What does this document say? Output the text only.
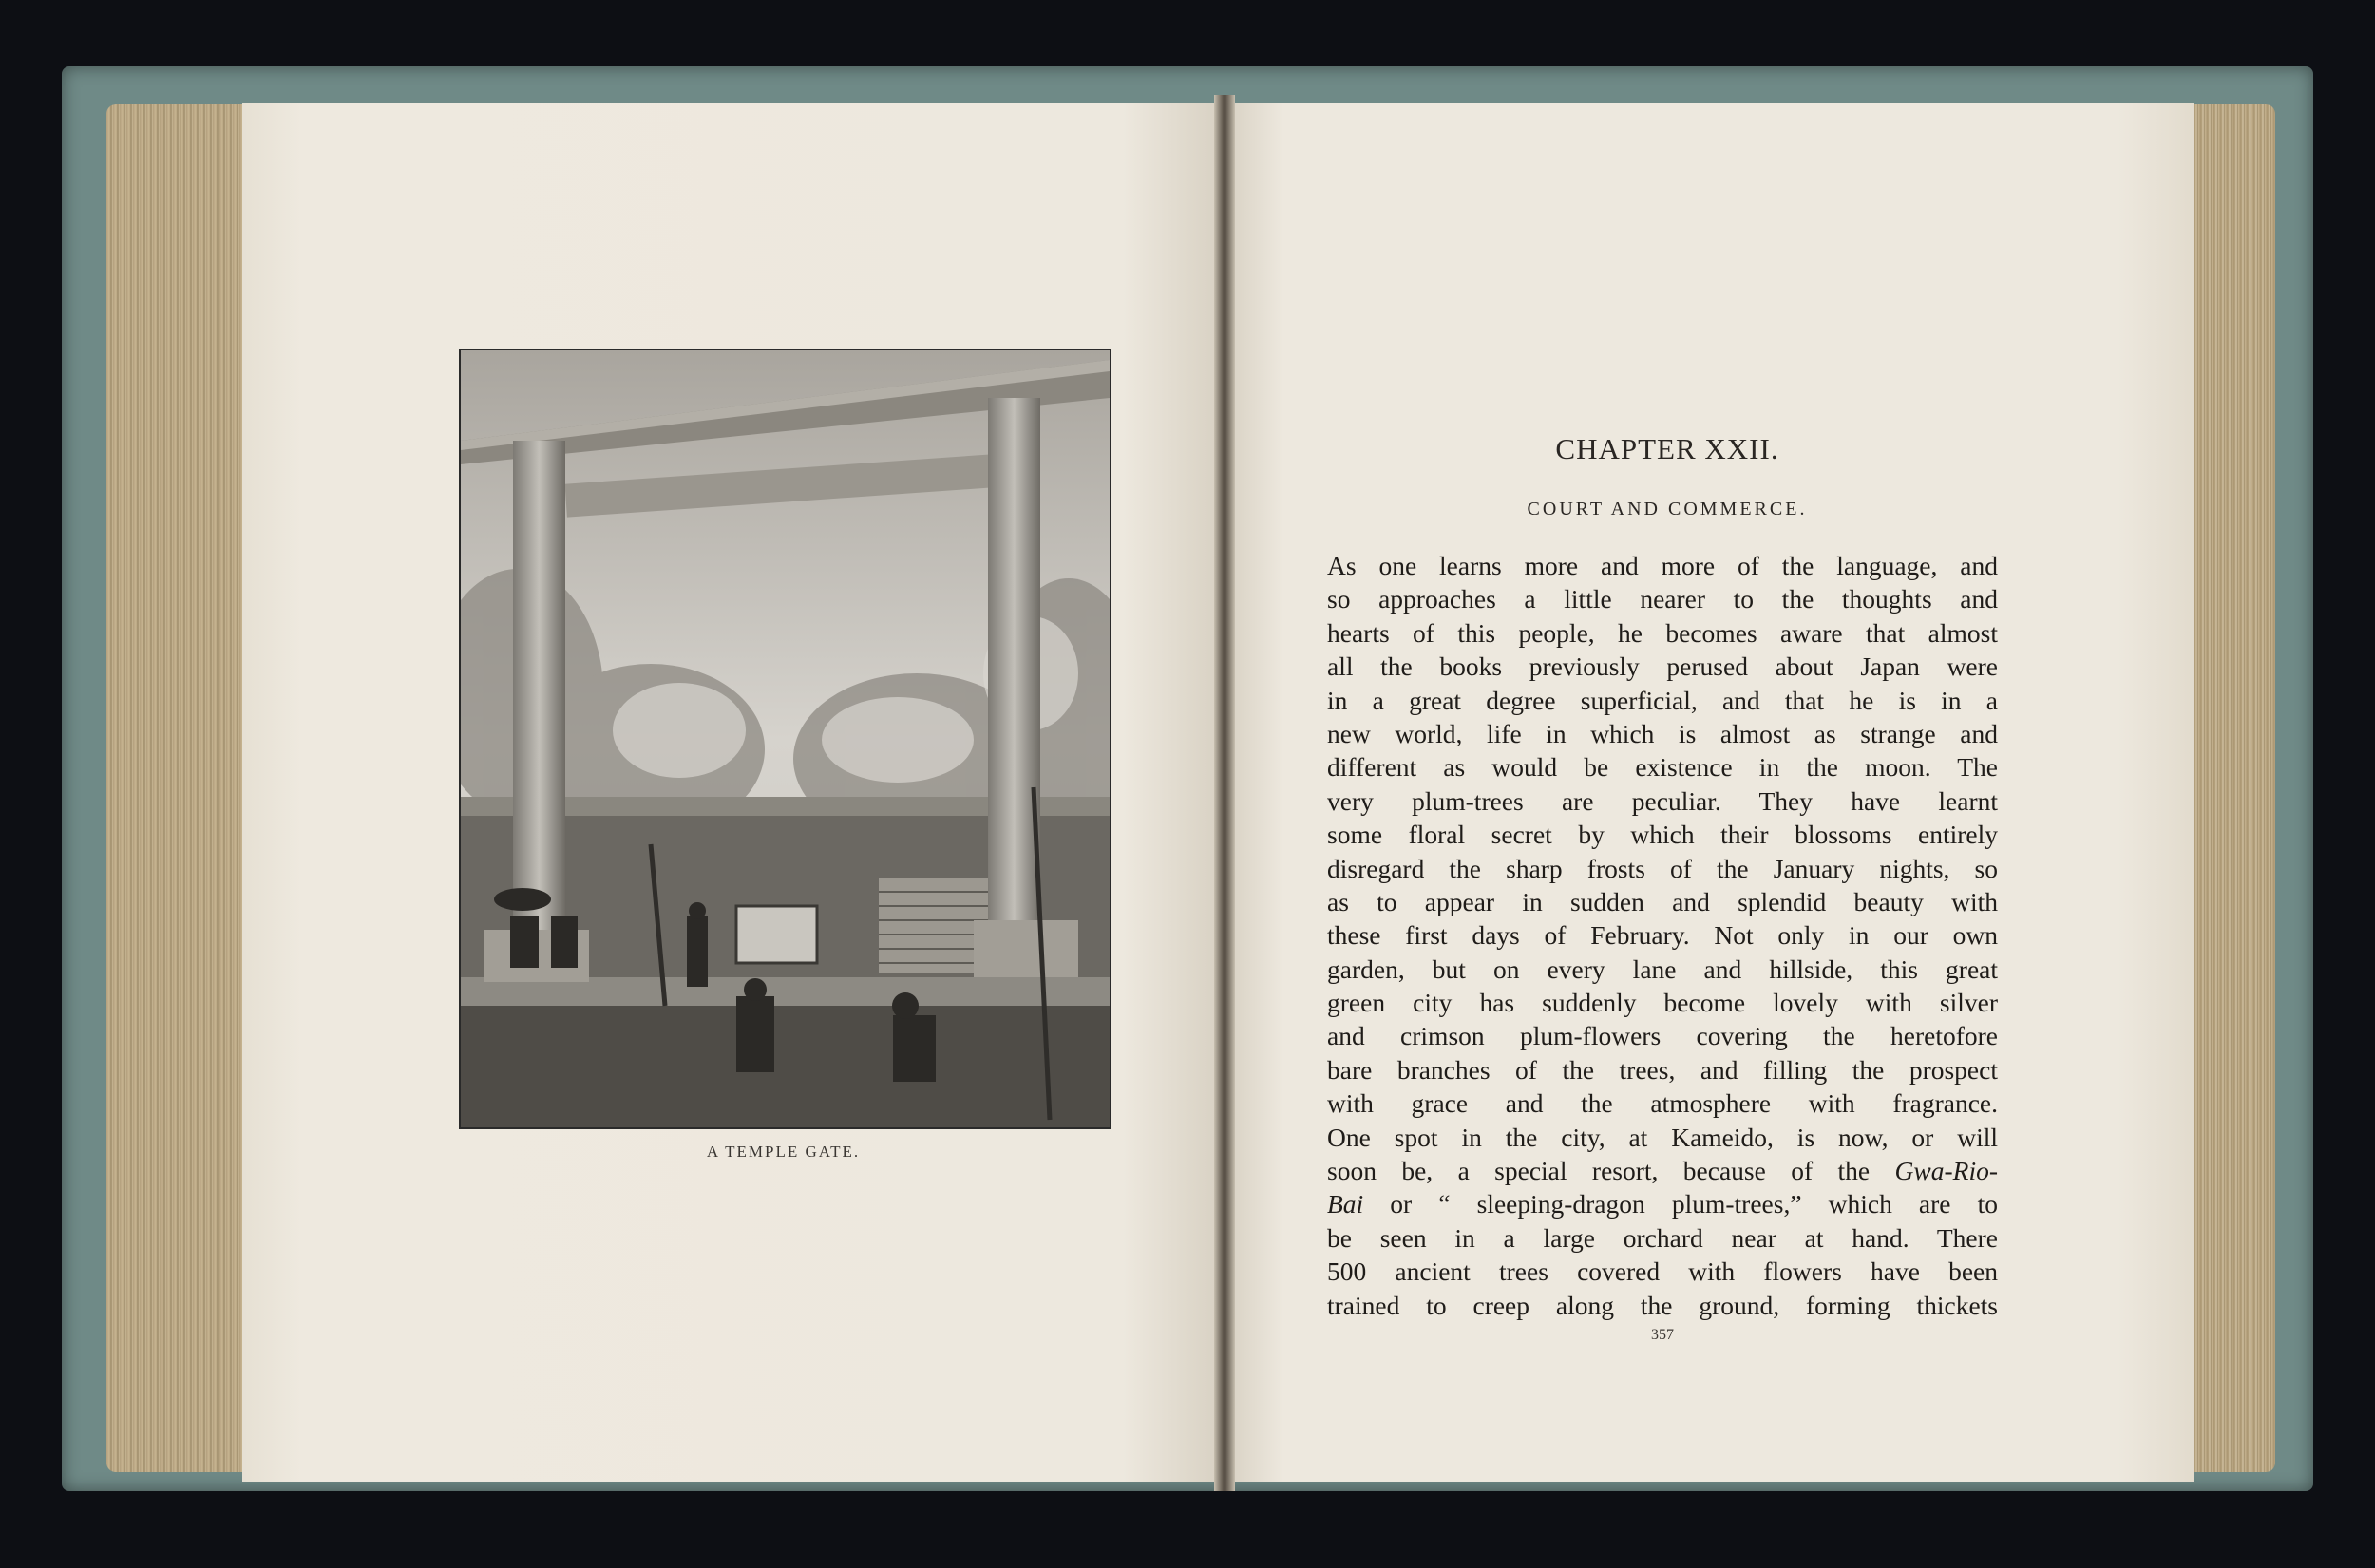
A TEMPLE GATE.
CHAPTER XXII.
COURT AND COMMERCE.
As one learns more and more of the language, and
so approaches a little nearer to the thoughts and
hearts of this people, he becomes aware that almost
all the books previously perused about Japan were
in a great degree superficial, and that he is in a
new world, life in which is almost as strange and
different as would be existence in the moon. The
very plum-trees are peculiar. They have learnt
some floral secret by which their blossoms entirely
disregard the sharp frosts of the January nights, so
as to appear in sudden and splendid beauty with
these first days of February. Not only in our own
garden, but on every lane and hillside, this great
green city has suddenly become lovely with silver
and crimson plum-flowers covering the heretofore
bare branches of the trees, and filling the prospect
with grace and the atmosphere with fragrance.
One spot in the city, at Kameido, is now, or will
soon be, a special resort, because of the Gwa-Rio-
Bai or “ sleeping-dragon plum-trees,” which are to
be seen in a large orchard near at hand. There
500 ancient trees covered with flowers have been
trained to creep along the ground, forming thickets
357
